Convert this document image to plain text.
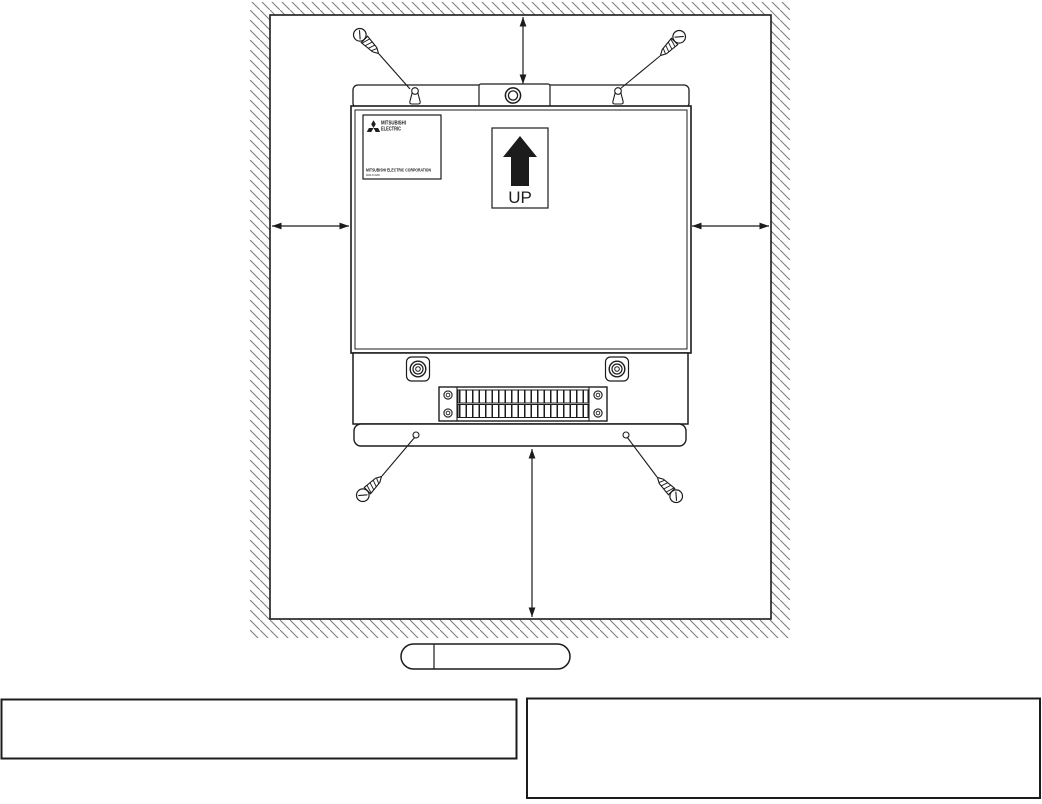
MITSUBISHI
ELECTRIC
MITSUBISHI ELECTRIC CORPORATION
MADE IN JAPAN
UP
